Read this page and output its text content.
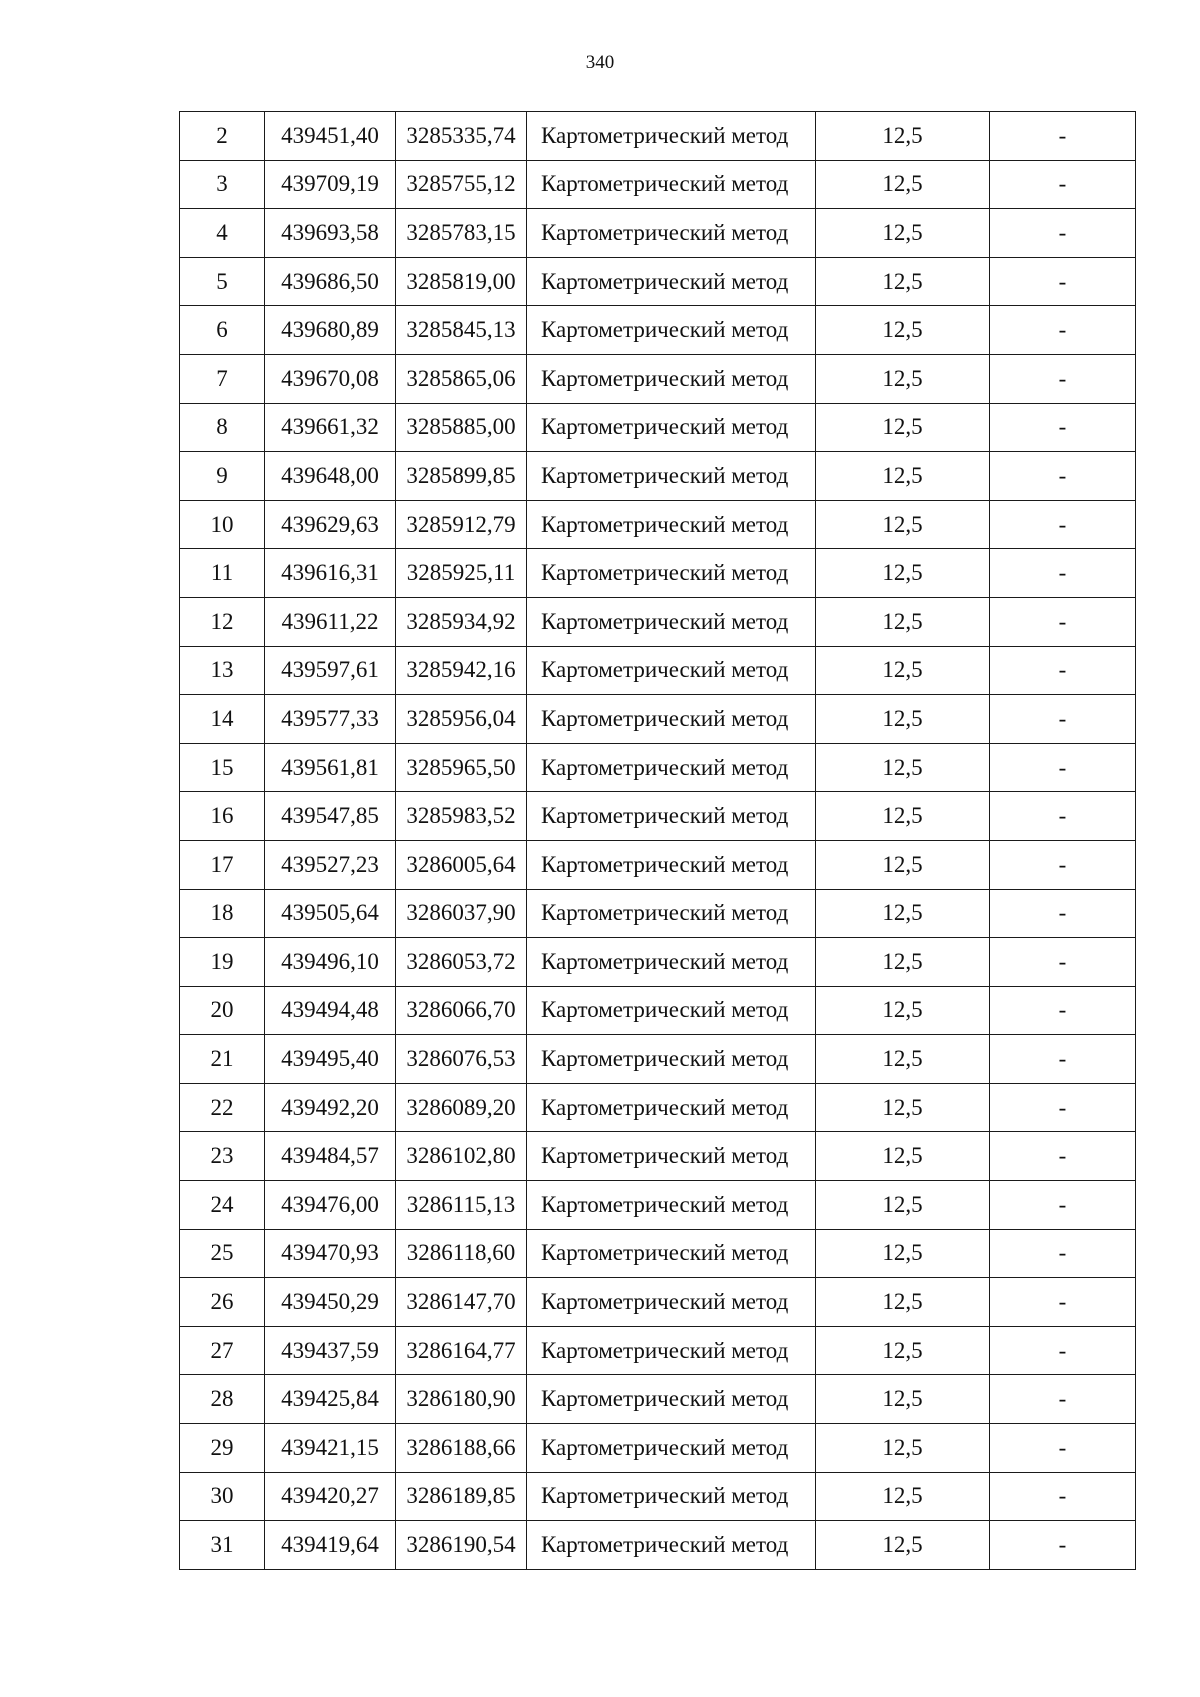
340
2	439451,40	3285335,74	Картометрический метод	12,5	-
3	439709,19	3285755,12	Картометрический метод	12,5	-
4	439693,58	3285783,15	Картометрический метод	12,5	-
5	439686,50	3285819,00	Картометрический метод	12,5	-
6	439680,89	3285845,13	Картометрический метод	12,5	-
7	439670,08	3285865,06	Картометрический метод	12,5	-
8	439661,32	3285885,00	Картометрический метод	12,5	-
9	439648,00	3285899,85	Картометрический метод	12,5	-
10	439629,63	3285912,79	Картометрический метод	12,5	-
11	439616,31	3285925,11	Картометрический метод	12,5	-
12	439611,22	3285934,92	Картометрический метод	12,5	-
13	439597,61	3285942,16	Картометрический метод	12,5	-
14	439577,33	3285956,04	Картометрический метод	12,5	-
15	439561,81	3285965,50	Картометрический метод	12,5	-
16	439547,85	3285983,52	Картометрический метод	12,5	-
17	439527,23	3286005,64	Картометрический метод	12,5	-
18	439505,64	3286037,90	Картометрический метод	12,5	-
19	439496,10	3286053,72	Картометрический метод	12,5	-
20	439494,48	3286066,70	Картометрический метод	12,5	-
21	439495,40	3286076,53	Картометрический метод	12,5	-
22	439492,20	3286089,20	Картометрический метод	12,5	-
23	439484,57	3286102,80	Картометрический метод	12,5	-
24	439476,00	3286115,13	Картометрический метод	12,5	-
25	439470,93	3286118,60	Картометрический метод	12,5	-
26	439450,29	3286147,70	Картометрический метод	12,5	-
27	439437,59	3286164,77	Картометрический метод	12,5	-
28	439425,84	3286180,90	Картометрический метод	12,5	-
29	439421,15	3286188,66	Картометрический метод	12,5	-
30	439420,27	3286189,85	Картометрический метод	12,5	-
31	439419,64	3286190,54	Картометрический метод	12,5	-
